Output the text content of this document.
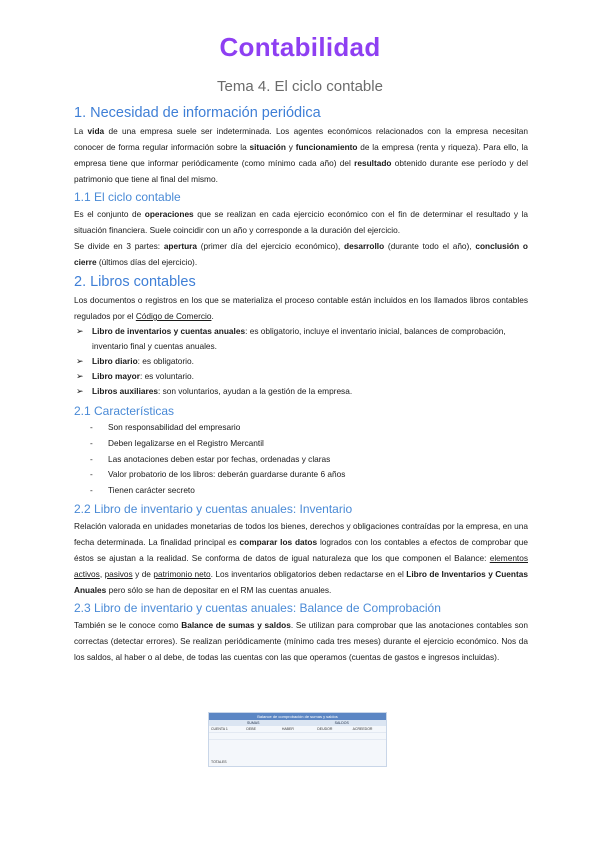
Contabilidad
Tema 4. El ciclo contable
1. Necesidad de información periódica

La vida de una empresa suele ser indeterminada. Los agentes económicos relacionados con la empresa necesitan conocer de forma regular información sobre la situación y funcionamiento de la empresa (renta y riqueza). Para ello, la empresa tiene que informar periódicamente (como mínimo cada año) del resultado obtenido durante ese período y del patrimonio que tiene al final del mismo.

1.1 El ciclo contable

Es el conjunto de operaciones que se realizan en cada ejercicio económico con el fin de determinar el resultado y la situación financiera. Suele coincidir con un año y corresponde a la duración del ejercicio.

Se divide en 3 partes: apertura (primer día del ejercicio económico), desarrollo (durante todo el año), conclusión o cierre (últimos días del ejercicio).

2. Libros contables

Los documentos o registros en los que se materializa el proceso contable están incluidos en los llamados libros contables regulados por el Código de Comercio.

➢ Libro de inventarios y cuentas anuales: es obligatorio, incluye el inventario inicial, balances de comprobación, inventario final y cuentas anuales.
➢ Libro diario: es obligatorio.
➢ Libro mayor: es voluntario.
➢ Libros auxiliares: son voluntarios, ayudan a la gestión de la empresa.
2.1 Características
- Son responsabilidad del empresario
- Deben legalizarse en el Registro Mercantil
- Las anotaciones deben estar por fechas, ordenadas y claras
- Valor probatorio de los libros: deberán guardarse durante 6 años
- Tienen carácter secreto
2.2 Libro de inventario y cuentas anuales: Inventario

Relación valorada en unidades monetarias de todos los bienes, derechos y obligaciones contraídas por la empresa, en una fecha determinada. La finalidad principal es comparar los datos logrados con los contables a efectos de comprobar que éstos se ajustan a la realidad. Se conforma de datos de igual naturaleza que los que componen el Balance: elementos activos, pasivos y de patrimonio neto. Los inventarios obligatorios deben redactarse en el Libro de Inventarios y Cuentas Anuales pero sólo se han de depositar en el RM las cuentas anuales.

2.3 Libro de inventario y cuentas anuales: Balance de Comprobación

También se le conoce como Balance de sumas y saldos. Se utilizan para comprobar que las anotaciones contables son correctas (detectar errores). Se realizan periódicamente (mínimo cada tres meses) durante el ejercicio económico. Nos da los saldos, al haber o al debe, de todas las cuentas con las que operamos (cuentas de gastos e ingresos incluidas).

Balance de comprobación de sumas y saldos
SUMAS	SALDOS
CUENTA 1	DEBE	HABER	DEUDOR	ACREEDOR
TOTALES
